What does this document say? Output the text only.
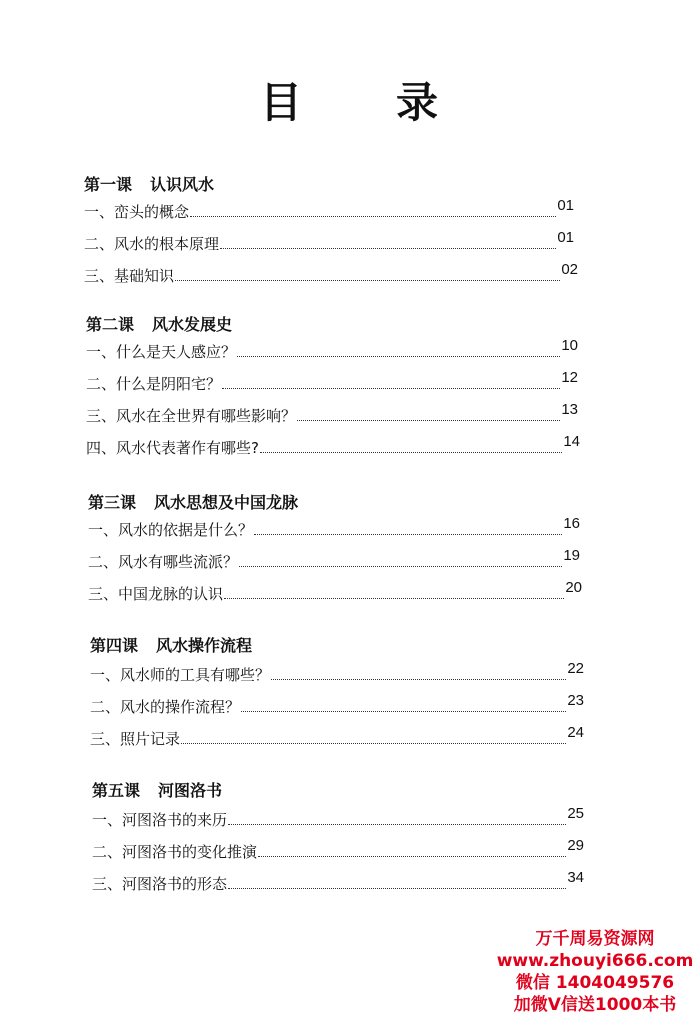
目 录
第一课 认识风水
一、峦头的概念	01
二、风水的根本原理	01
三、基础知识	02
第二课 风水发展史
一、什么是天人感应？	10
二、什么是阴阳宅？	12
三、风水在全世界有哪些影响？	13
四、风水代表著作有哪些?	14
第三课 风水思想及中国龙脉
一、风水的依据是什么？	16
二、风水有哪些流派？	19
三、中国龙脉的认识	20
第四课 风水操作流程
一、风水师的工具有哪些？	22
二、风水的操作流程？	23
三、照片记录	24
第五课 河图洛书
一、河图洛书的来历	25
二、河图洛书的变化推演	29
三、河图洛书的形态	34
万千周易资源网
www.zhouyi666.com
微信 1404049576
加微V信送1000本书
